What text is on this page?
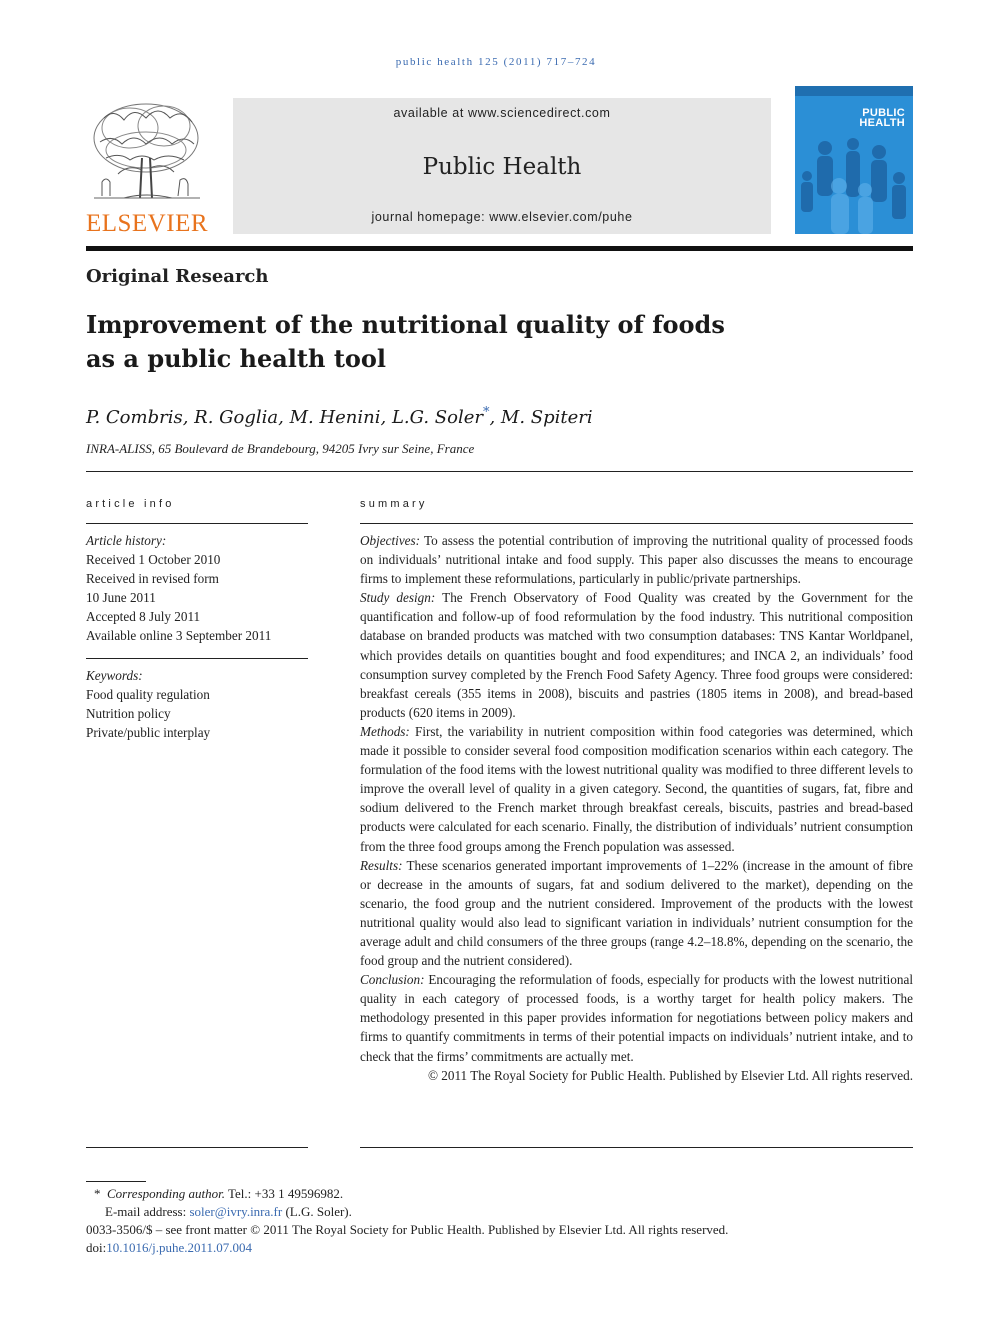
public health 125 (2011) 717–724
ELSEVIER
available at www.sciencedirect.com
Public Health
journal homepage: www.elsevier.com/puhe
PUBLIC
HEALTH
Original Research
Improvement of the nutritional quality of foods
as a public health tool
P. Combris, R. Goglia, M. Henini, L.G. Soler*, M. Spiteri
INRA-ALISS, 65 Boulevard de Brandebourg, 94205 Ivry sur Seine, France
article info
Article history:
Received 1 October 2010
Received in revised form
10 June 2011
Accepted 8 July 2011
Available online 3 September 2011
Keywords:
Food quality regulation
Nutrition policy
Private/public interplay
summary

Objectives: To assess the potential contribution of improving the nutritional quality of processed foods on individuals’ nutritional intake and food supply. This paper also discusses the means to encourage firms to implement these reformulations, particularly in public/private partnerships.

Study design: The French Observatory of Food Quality was created by the Government for the quantification and follow-up of food reformulation by the food industry. This nutritional composition database on branded products was matched with two consumption databases: TNS Kantar Worldpanel, which provides details on quantities bought and food expenditures; and INCA 2, an individuals’ food consumption survey completed by the French Food Safety Agency. Three food groups were considered: breakfast cereals (355 items in 2008), biscuits and pastries (1805 items in 2008), and bread-based products (620 items in 2009).

Methods: First, the variability in nutrient composition within food categories was determined, which made it possible to consider several food composition modification scenarios within each category. The formulation of the food items with the lowest nutritional quality was modified to three different levels to improve the overall level of quality in a given category. Second, the quantities of sugars, fat, fibre and sodium delivered to the French market through breakfast cereals, biscuits, pastries and bread-based products were calculated for each scenario. Finally, the distribution of individuals’ nutrient consumption from the three food groups among the French population was assessed.

Results: These scenarios generated important improvements of 1–22% (increase in the amount of fibre or decrease in the amounts of sugars, fat and sodium delivered to the market), depending on the scenario, the food group and the nutrient considered. Improvement of the products with the lowest nutritional quality would also lead to significant variation in individuals’ nutrient consumption for the average adult and child consumers of the three groups (range 4.2–18.8%, depending on the scenario, the food group and the nutrient considered).

Conclusion: Encouraging the reformulation of foods, especially for products with the lowest nutritional quality in each category of processed foods, is a worthy target for health policy makers. The methodology presented in this paper provides information for negotiations between policy makers and firms to quantify commitments in terms of their potential impacts on individuals’ nutrient intake, and to check that the firms’ commitments are actually met.

© 2011 The Royal Society for Public Health. Published by Elsevier Ltd. All rights reserved.

* Corresponding author. Tel.: +33 1 49596982.
E-mail address: soler@ivry.inra.fr (L.G. Soler).
0033-3506/$ – see front matter © 2011 The Royal Society for Public Health. Published by Elsevier Ltd. All rights reserved.
doi:10.1016/j.puhe.2011.07.004
